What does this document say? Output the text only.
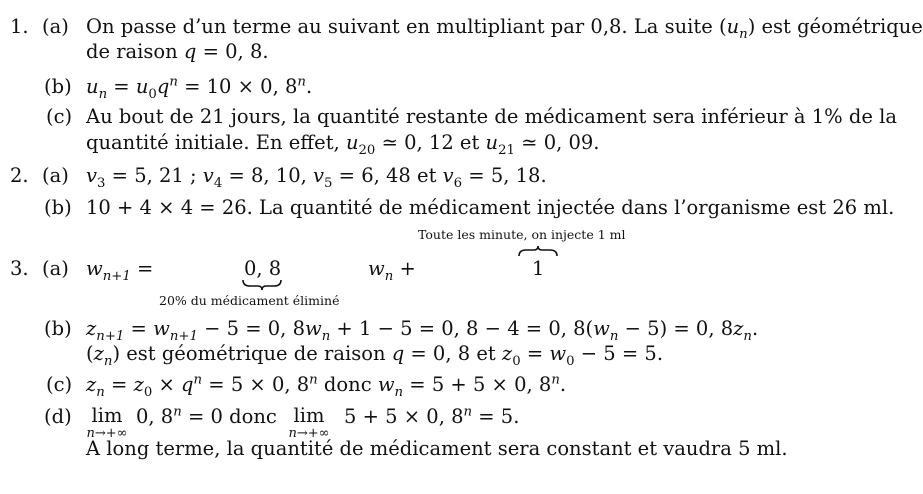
1. (a) On passe d’un terme au suivant en multipliant par 0,8. La suite $(u_n)$ est géométrique
de raison q = 0, 8.
(b) $u_n = u_0q^n = 10 \times 0$, 8$^n$.
(c) Au bout de 21 jours, la quantité restante de médicament sera inférieur à 1% de la
quantité initiale. En effet, $u_{20}$ ≃ 0, 12 et $u_{21}$ ≃ 0, 09.
2. (a) $v_3 = 5$, 21 ; $v_4 = 8$, 10, $v_5 = 6$, 48 et $v_6 = 5$, 18.
(b) 10 + 4 × 4 = 26. La quantité de médicament injectée dans l’organisme est 26 ml.
Toute les minute, on injecte 1 ml
3. (a) $w_{n+1}$ =	0, 8	$w_n$ +	1
20% du médicament éliminé
(b) $z_{n+1} = w_{n+1} - 5 = 0$, $8w_n + 1 - 5 = 0$, 8 − 4 = 0, $8(w_n - 5) = 0$, $8z_n$.
$(z_n)$ est géométrique de raison q = 0, 8 et $z_0 = w_0 - 5 = 5$.
(c) $z_n = z_0 \times q^n = 5 \times 0$, 8$^n$ donc $w_n = 5 + 5 \times 0$, 8$^n$.
(d) lim
n→+∞
0, $8^n = 0$ donc lim
n→+∞
5 + 5 × 0, $8^n = 5$.
A long terme, la quantité de médicament sera constant et vaudra 5 ml.
